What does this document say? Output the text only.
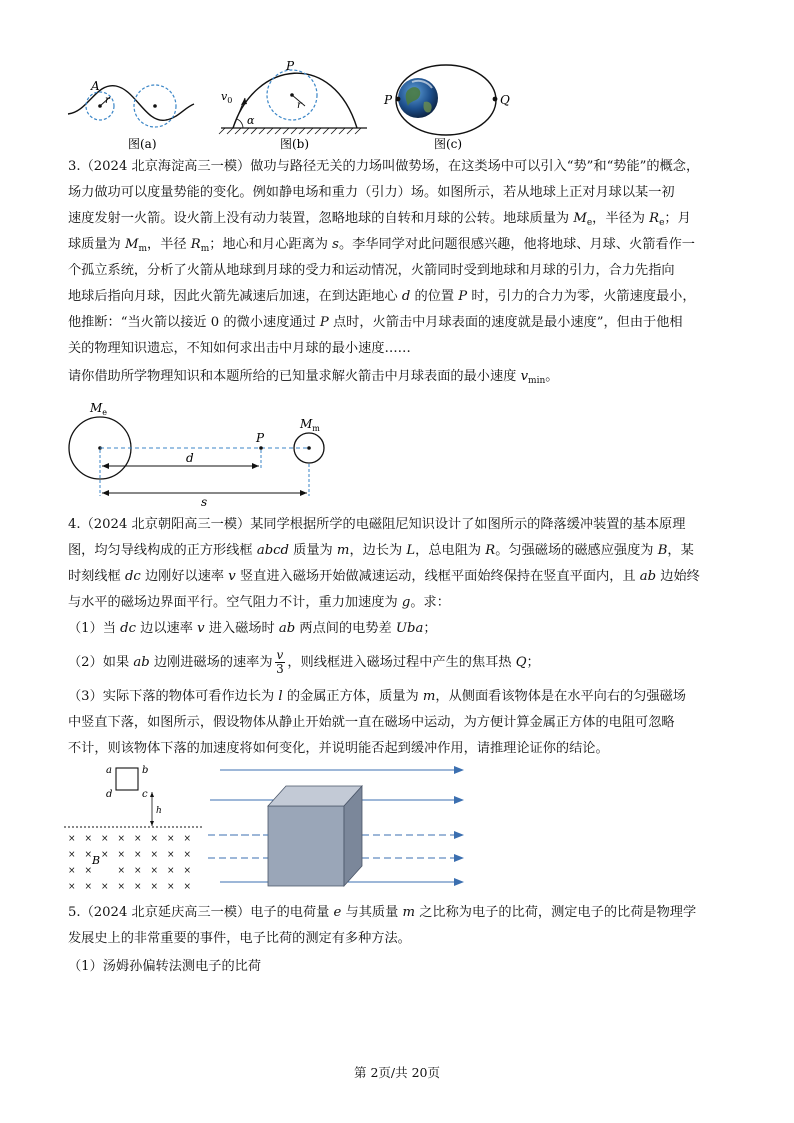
A
r
图(a)
P
r
$v_0$
α
图(b)
P	Q
图(c)
3.（2024 北京海淀高三一模）做功与路径无关的力场叫做势场，在这类场中可以引入“势”和“势能”的概念，
场力做功可以度量势能的变化。例如静电场和重力（引力）场。如图所示，若从地球上正对月球以某一初
速度发射一火箭。设火箭上没有动力装置，忽略地球的自转和月球的公转。地球质量为 $M_e$，半径为 $R_e$；月
球质量为 $M_m$，半径 $R_m$；地心和月心距离为 s。李华同学对此问题很感兴趣，他将地球、月球、火箭看作一
个孤立系统，分析了火箭从地球到月球的受力和运动情况，火箭同时受到地球和月球的引力，合力先指向
地球后指向月球，因此火箭先减速后加速，在到达距地心 d 的位置 P 时，引力的合力为零，火箭速度最小，
他推断：“当火箭以接近 0 的微小速度通过 P 点时，火箭击中月球表面的速度就是最小速度”，但由于他相
关的物理知识遗忘，不知如何求出击中月球的最小速度……
请你借助所学物理知识和本题所给的已知量求解火箭击中月球表面的最小速度 $v_{min}$。
$M_e$
$M_m$
P
d
s
4.（2024 北京朝阳高三一模）某同学根据所学的电磁阻尼知识设计了如图所示的降落缓冲装置的基本原理
图，均匀导线构成的正方形线框 abcd 质量为 m，边长为 L，总电阻为 R。匀强磁场的磁感应强度为 B，某
时刻线框 dc 边刚好以速率 v 竖直进入磁场开始做减速运动，线框平面始终保持在竖直平面内，且 ab 边始终
与水平的磁场边界面平行。空气阻力不计，重力加速度为 g。求：
（1）当 dc 边以速率 v 进入磁场时 ab 两点间的电势差 Uba；
（2）如果 ab 边刚进磁场的速率为 $\frac{v}{3}$ ，则线框进入磁场过程中产生的焦耳热 Q；
（3）实际下落的物体可看作边长为 l 的金属正方体，质量为 m，从侧面看该物体是在水平向右的匀强磁场
中竖直下落，如图所示，假设物体从静止开始就一直在磁场中运动，为方便计算金属正方体的电阻可忽略
不计，则该物体下落的加速度将如何变化，并说明能否起到缓冲作用，请推理论证你的结论。
a	b
d	c
h
× × × × × × × ×
× × × × × × × ×
× ×	× × × × ×
× × × × × × × ×
B
5.（2024 北京延庆高三一模）电子的电荷量 e 与其质量 m 之比称为电子的比荷，测定电子的比荷是物理学
发展史上的非常重要的事件，电子比荷的测定有多种方法。
（1）汤姆孙偏转法测电子的比荷
第 2页/共 20页
